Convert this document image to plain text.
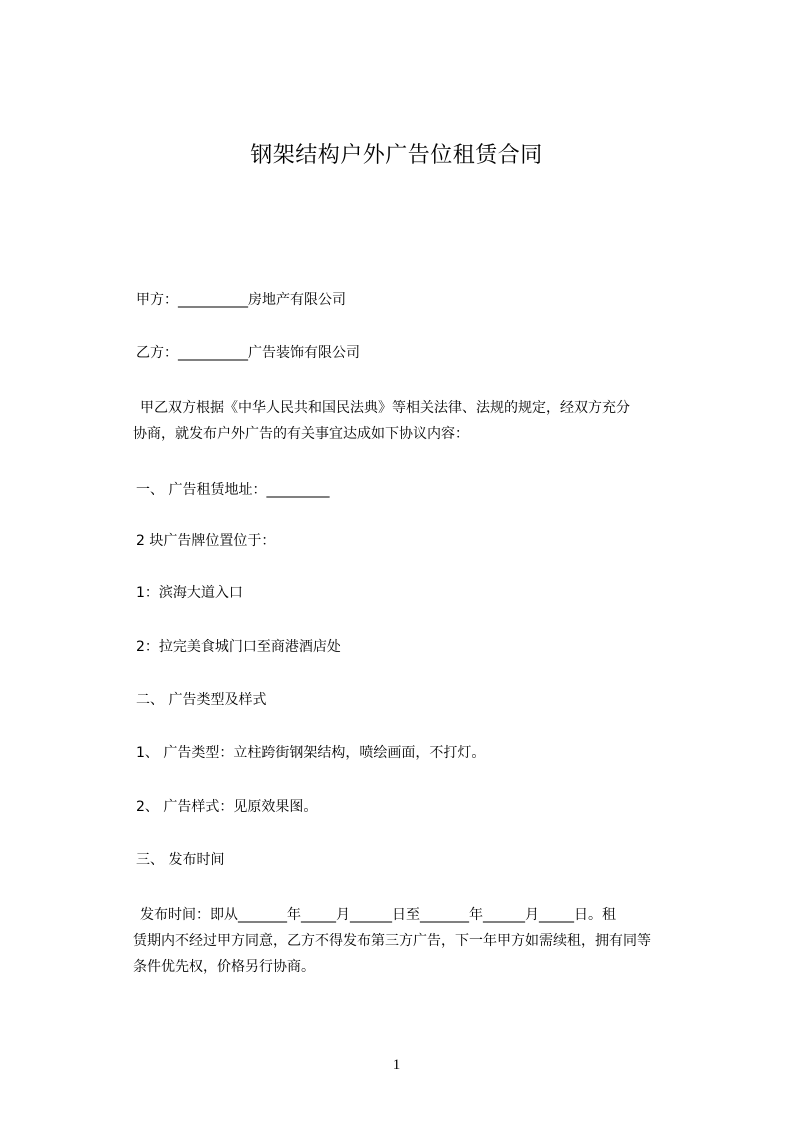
钢架结构户外广告位租赁合同
甲方：__________房地产有限公司
乙方：__________广告装饰有限公司
甲乙双方根据《中华人民共和国民法典》等相关法律、法规的规定，经双方充分
协商，就发布户外广告的有关事宜达成如下协议内容：
一、 广告租赁地址：_________
2 块广告牌位置位于：
1：滨海大道入口
2：拉完美食城门口至商港酒店处
二、 广告类型及样式
1、 广告类型：立柱跨街钢架结构，喷绘画面，不打灯。
2、 广告样式：见原效果图。
三、 发布时间
发布时间：即从_______年_____月______日至_______年______月_____日。租
赁期内不经过甲方同意，乙方不得发布第三方广告，下一年甲方如需续租，拥有同等
条件优先权，价格另行协商。
1
